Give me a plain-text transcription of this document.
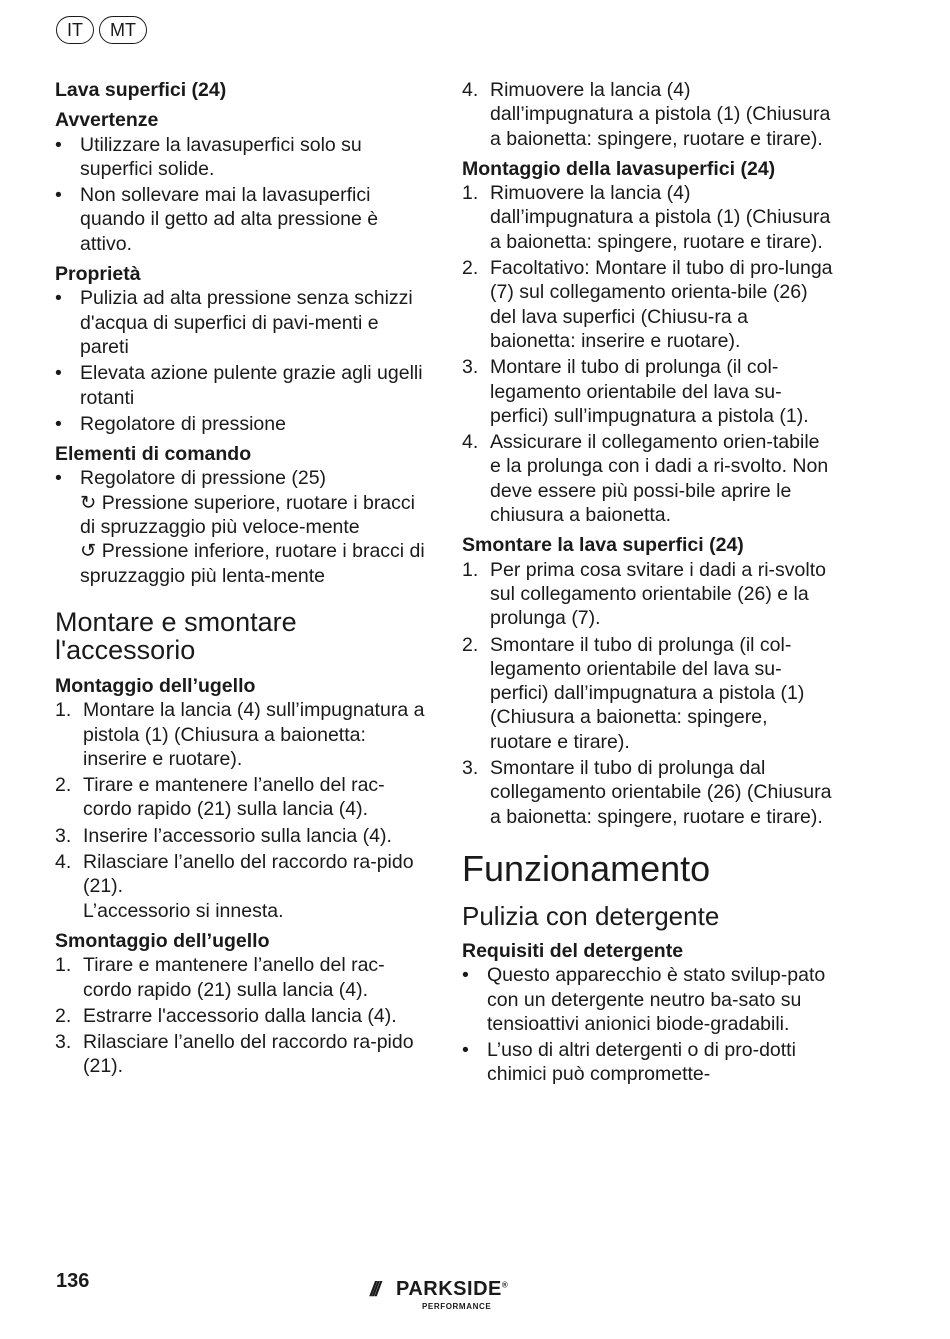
IT	MT

Lava superfici (24)

Avvertenze

• Utilizzare la lavasuperfici solo su superfici solide.
• Non sollevare mai la lavasuperfici quando il getto ad alta pressione è attivo.

Proprietà

• Pulizia ad alta pressione senza schizzi d'acqua di superfici di pavi-menti e pareti
• Elevata azione pulente grazie agli ugelli rotanti
• Regolatore di pressione

Elementi di comando

• Regolatore di pressione (25)
↻ Pressione superiore, ruotare i bracci di spruzzaggio più veloce-mente
↺ Pressione inferiore, ruotare i bracci di spruzzaggio più lenta-mente

Montare e smontare l'accessorio

Montaggio dell’ugello

1. Montare la lancia (4) sull’impugnatura a pistola (1) (Chiusura a baionetta: inserire e ruotare).
2. Tirare e mantenere l’anello del rac-cordo rapido (21) sulla lancia (4).
3. Inserire l’accessorio sulla lancia (4).
4. Rilasciare l’anello del raccordo ra-pido (21).
L’accessorio si innesta.

Smontaggio dell’ugello

1. Tirare e mantenere l’anello del rac-cordo rapido (21) sulla lancia (4).
2. Estrarre l'accessorio dalla lancia (4).
3. Rilasciare l’anello del raccordo ra-pido (21).
4. Rimuovere la lancia (4) dall’impugnatura a pistola (1) (Chiusura a baionetta: spingere, ruotare e tirare).

Montaggio della lavasuperfici (24)

1. Rimuovere la lancia (4) dall’impugnatura a pistola (1) (Chiusura a baionetta: spingere, ruotare e tirare).
2. Facoltativo: Montare il tubo di pro-lunga (7) sul collegamento orienta-bile (26) del lava superfici (Chiusu-ra a baionetta: inserire e ruotare).
3. Montare il tubo di prolunga (il col-legamento orientabile del lava su-perfici) sull’impugnatura a pistola (1).
4. Assicurare il collegamento orien-tabile e la prolunga con i dadi a ri-svolto. Non deve essere più possi-bile aprire le chiusura a baionetta.

Smontare la lava superfici (24)

1. Per prima cosa svitare i dadi a ri-svolto sul collegamento orientabile (26) e la prolunga (7).
2. Smontare il tubo di prolunga (il col-legamento orientabile del lava su-perfici) dall’impugnatura a pistola (1) (Chiusura a baionetta: spingere, ruotare e tirare).
3. Smontare il tubo di prolunga dal collegamento orientabile (26) (Chiusura a baionetta: spingere, ruotare e tirare).

Funzionamento

Pulizia con detergente

Requisiti del detergente

• Questo apparecchio è stato svilup-pato con un detergente neutro ba-sato su tensioattivi anionici biode-gradabili.
• L’uso di altri detergenti o di pro-dotti chimici può compromette-
136	/// PARKSIDE®
PERFORMANCE
